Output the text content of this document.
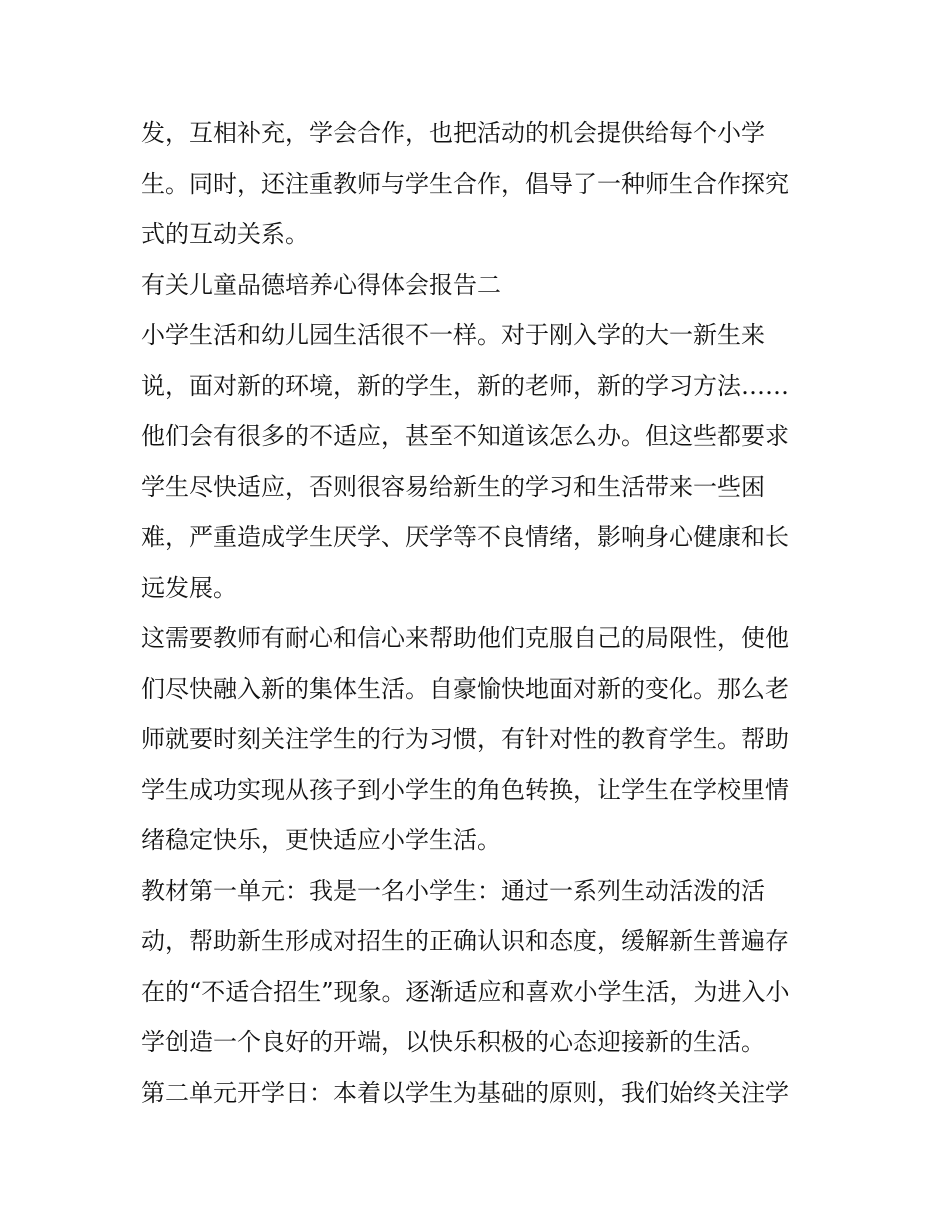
发，互相补充，学会合作，也把活动的机会提供给每个小学
生。同时，还注重教师与学生合作，倡导了一种师生合作探究
式的互动关系。
有关儿童品德培养心得体会报告二
小学生活和幼儿园生活很不一样。对于刚入学的大一新生来
说，面对新的环境，新的学生，新的老师，新的学习方法……
他们会有很多的不适应，甚至不知道该怎么办。但这些都要求
学生尽快适应，否则很容易给新生的学习和生活带来一些困
难，严重造成学生厌学、厌学等不良情绪，影响身心健康和长
远发展。
这需要教师有耐心和信心来帮助他们克服自己的局限性，使他
们尽快融入新的集体生活。自豪愉快地面对新的变化。那么老
师就要时刻关注学生的行为习惯，有针对性的教育学生。帮助
学生成功实现从孩子到小学生的角色转换，让学生在学校里情
绪稳定快乐，更快适应小学生活。
教材第一单元：我是一名小学生：通过一系列生动活泼的活
动，帮助新生形成对招生的正确认识和态度，缓解新生普遍存
在的“不适合招生”现象。逐渐适应和喜欢小学生活，为进入小
学创造一个良好的开端，以快乐积极的心态迎接新的生活。
第二单元开学日：本着以学生为基础的原则，我们始终关注学
